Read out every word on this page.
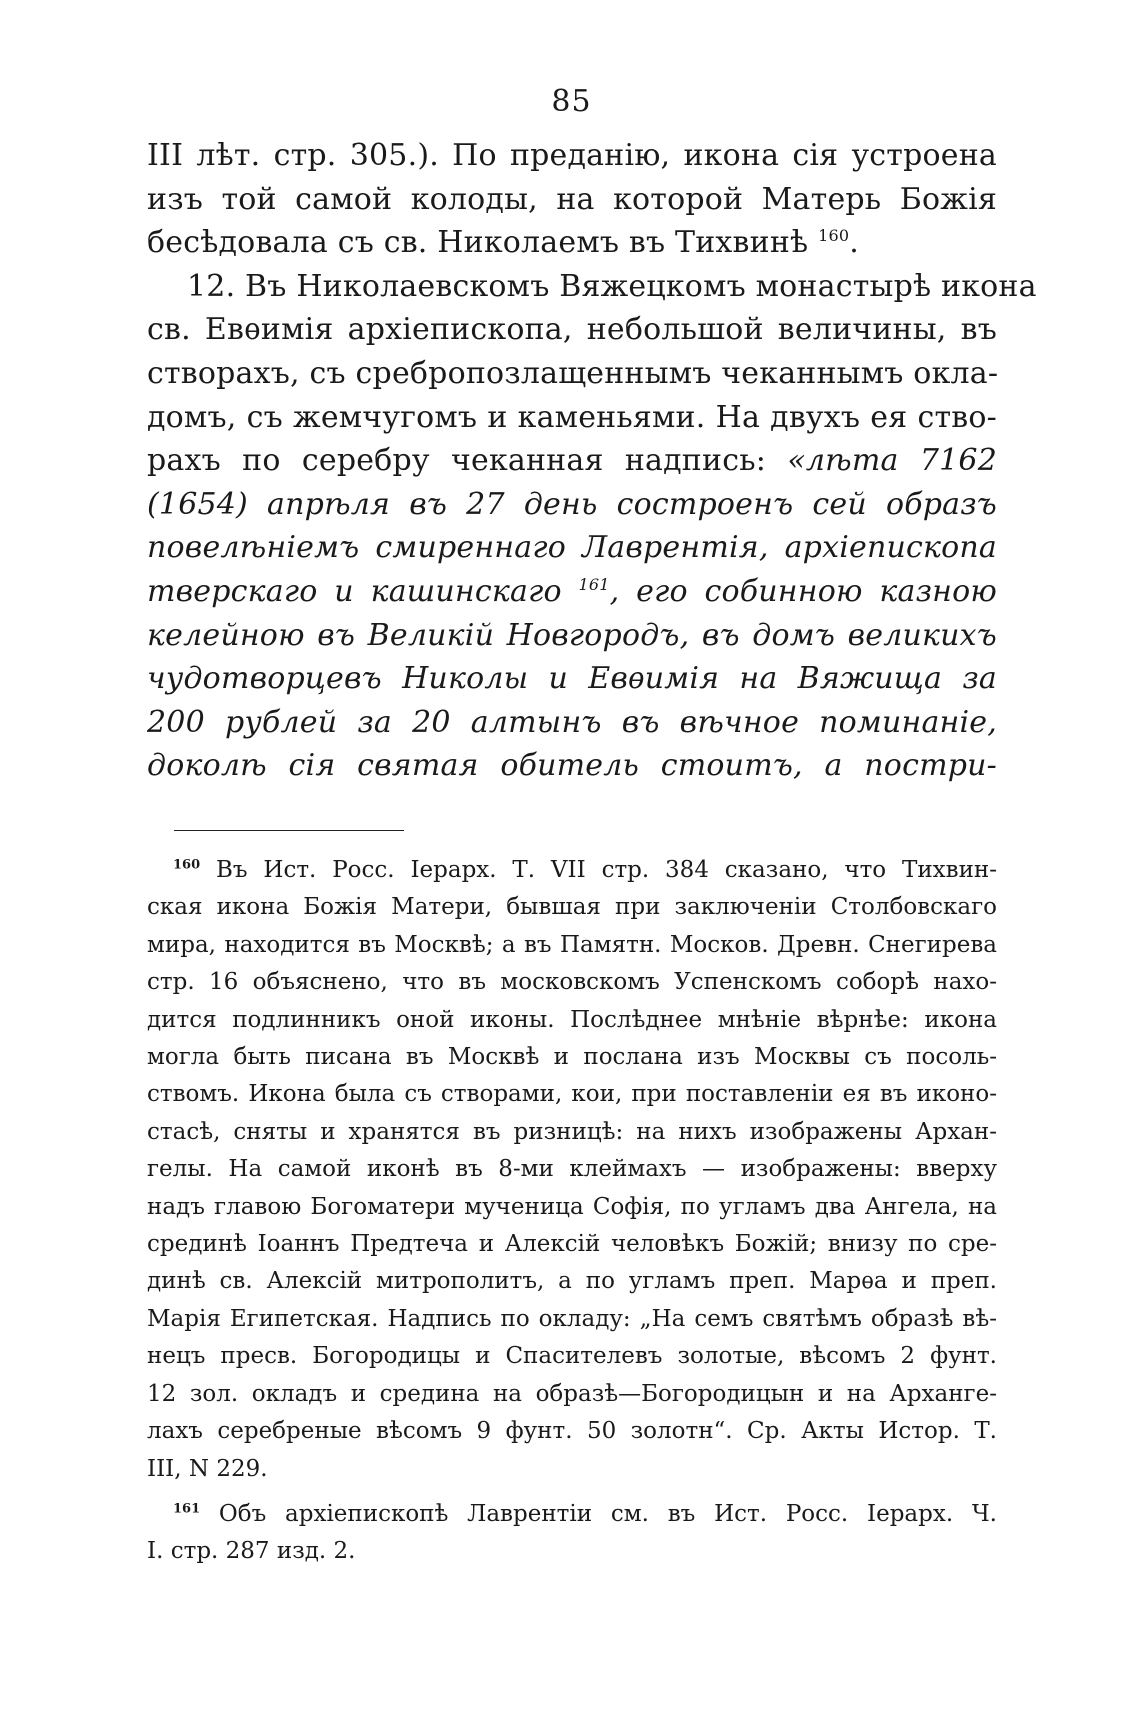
85
III лѣт. стр. 305.). По преданію, икона сія устроена
изъ той самой колоды, на которой Матерь Божія
бесѣдовала съ св. Николаемъ въ Тихвинѣ $^{160}$.
12. Въ Николаевскомъ Вяжецкомъ монастырѣ икона
св. Евѳимія архіепископа, небольшой величины, въ
створахъ, съ сребропозлащеннымъ чеканнымъ окла-
домъ, съ жемчугомъ и каменьями. На двухъ ея ство-
рахъ по серебру чеканная надпись: «лѣта 7162
(1654) апрѣля въ 27 день состроенъ сей образъ
повелѣніемъ смиреннаго Лаврентія, архіепископа
тверскаго и кашинскаго $^{161}$, его собинною казною
келейною въ Великій Новгородъ, въ домъ великихъ
чудотворцевъ Николы и Евѳимія на Вяжища за
200 рублей за 20 алтынъ въ вѣчное поминаніе,
доколѣ сія святая обитель стоитъ, а постри-
$^{160}$ Въ Ист. Росс. Іерарх. Т. VII стр. 384 сказано, что Тихвин-
ская икона Божія Матери, бывшая при заключеніи Столбовскаго
мира, находится въ Москвѣ; а въ Памятн. Москов. Древн. Снегирева
стр. 16 объяснено, что въ московскомъ Успенскомъ соборѣ нахо-
дится подлинникъ оной иконы. Послѣднее мнѣніе вѣрнѣе: икона
могла быть писана въ Москвѣ и послана изъ Москвы съ посоль-
ствомъ. Икона была съ створами, кои, при поставленіи ея въ иконо-
стасѣ, сняты и хранятся въ ризницѣ: на нихъ изображены Архан-
гелы. На самой иконѣ въ 8-ми клеймахъ — изображены: вверху
надъ главою Богоматери мученица Софія, по угламъ два Ангела, на
срединѣ Іоаннъ Предтеча и Алексій человѣкъ Божій; внизу по сре-
динѣ св. Алексій митрополитъ, а по угламъ преп. Марѳа и преп.
Марія Египетская. Надпись по окладу: „На семъ святѣмъ образѣ вѣ-
нецъ пресв. Богородицы и Спасителевъ золотые, вѣсомъ 2 фунт.
12 зол. окладъ и средина на образѣ—Богородицын и на Арханге-
лахъ серебреные вѣсомъ 9 фунт. 50 золотн“. Ср. Акты Истор. Т.
III, N 229.
$^{161}$ Объ архіепископѣ Лаврентіи см. въ Ист. Росс. Іерарх. Ч.
I. стр. 287 изд. 2.
